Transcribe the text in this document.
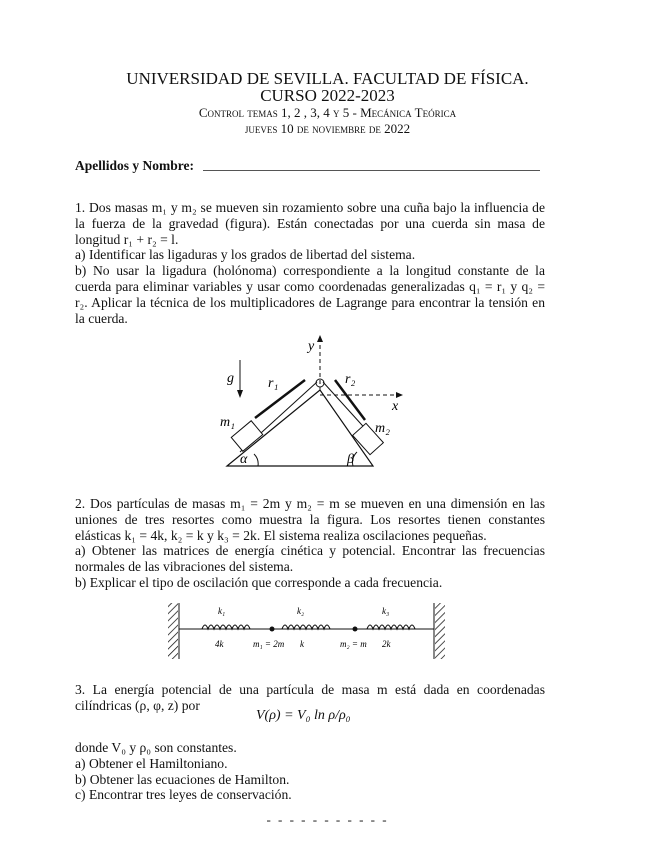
UNIVERSIDAD DE SEVILLA. FACULTAD DE FÍSICA.
CURSO 2022-2023
Control temas 1, 2 , 3, 4 y 5 - Mecánica Teórica
jueves 10 de noviembre de 2022
Apellidos y Nombre:
1. Dos masas m₁ y m₂ se mueven sin rozamiento sobre una cuña bajo la influencia de la fuerza de la gravedad (figura). Están conectadas por una cuerda sin masa de longitud r₁ + r₂ = l.
a) Identificar las ligaduras y los grados de libertad del sistema.
b) No usar la ligadura (holónoma) correspondiente a la longitud constante de la cuerda para eliminar variables y usar como coordenadas generalizadas q₁ = r₁ y q₂ = r₂. Aplicar la técnica de los multiplicadores de Lagrange para encontrar la tensión en la cuerda.
y
x
g r₁	r₂
m₁	m₂
α	β
2. Dos partículas de masas m₁ = 2m y m₂ = m se mueven en una dimensión en las uniones de tres resortes como muestra la figura. Los resortes tienen constantes elásticas k₁ = 4k, k₂ = k y k₃ = 2k. El sistema realiza oscilaciones pequeñas.
a) Obtener las matrices de energía cinética y potencial. Encontrar las frecuencias normales de las vibraciones del sistema.
b) Explicar el tipo de oscilación que corresponde a cada frecuencia.
k₁	k₂	k₃
4k	k	2k
m₁ = 2m	m₂ = m
3. La energía potencial de una partícula de masa m está dada en coordenadas cilíndricas (ρ, φ, z) por
V(ρ) = V₀ ln ρ/ρ₀
donde V₀ y ρ₀ son constantes.
a) Obtener el Hamiltoniano.
b) Obtener las ecuaciones de Hamilton.
c) Encontrar tres leyes de conservación.
- - - - - - - - - - -
